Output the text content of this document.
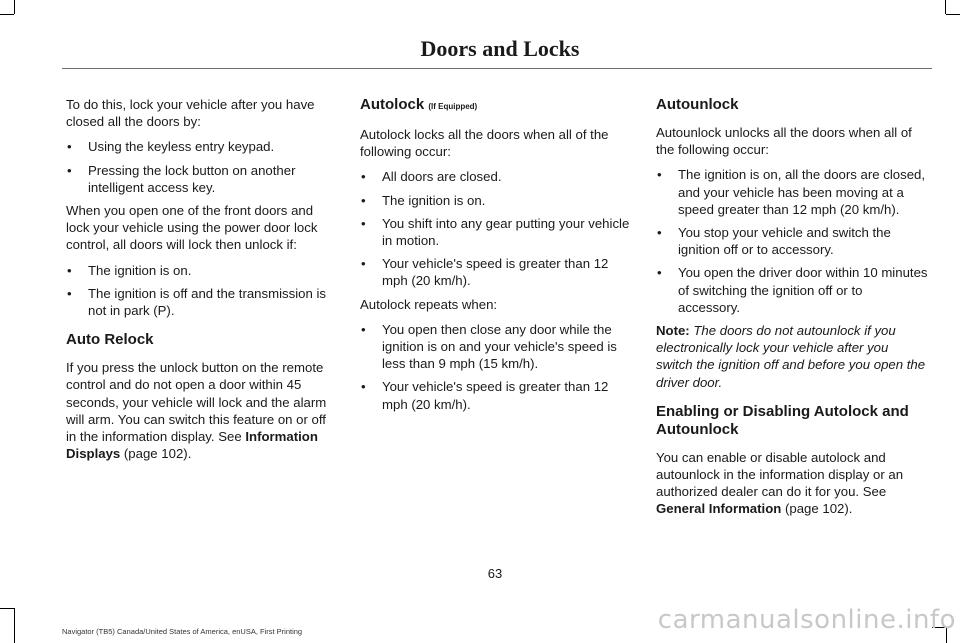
Doors and Locks

To do this, lock your vehicle after you have closed all the doors by:

• Using the keyless entry keypad.
• Pressing the lock button on another intelligent access key.

When you open one of the front doors and lock your vehicle using the power door lock control, all doors will lock then unlock if:

• The ignition is on.
• The ignition is off and the transmission is not in park (P).
Auto Relock

If you press the unlock button on the remote control and do not open a door within 45 seconds, your vehicle will lock and the alarm will arm. You can switch this feature on or off in the information display. See Information Displays (page 102).

Autolock (If Equipped)

Autolock locks all the doors when all of the following occur:

• All doors are closed.
• The ignition is on.
• You shift into any gear putting your vehicle in motion.
• Your vehicle's speed is greater than 12 mph (20 km/h).

Autolock repeats when:

• You open then close any door while the ignition is on and your vehicle's speed is less than 9 mph (15 km/h).
• Your vehicle's speed is greater than 12 mph (20 km/h).
Autounlock

Autounlock unlocks all the doors when all of the following occur:

• The ignition is on, all the doors are closed, and your vehicle has been moving at a speed greater than 12 mph (20 km/h).
• You stop your vehicle and switch the ignition off or to accessory.
• You open the driver door within 10 minutes of switching the ignition off or to accessory.

Note: The doors do not autounlock if you electronically lock your vehicle after you switch the ignition off and before you open the driver door.

Enabling or Disabling Autolock and Autounlock

You can enable or disable autolock and autounlock in the information display or an authorized dealer can do it for you. See General Information (page 102).

63
Navigator (TB5) Canada/United States of America, enUSA, First Printing	carmanualsonline.info
